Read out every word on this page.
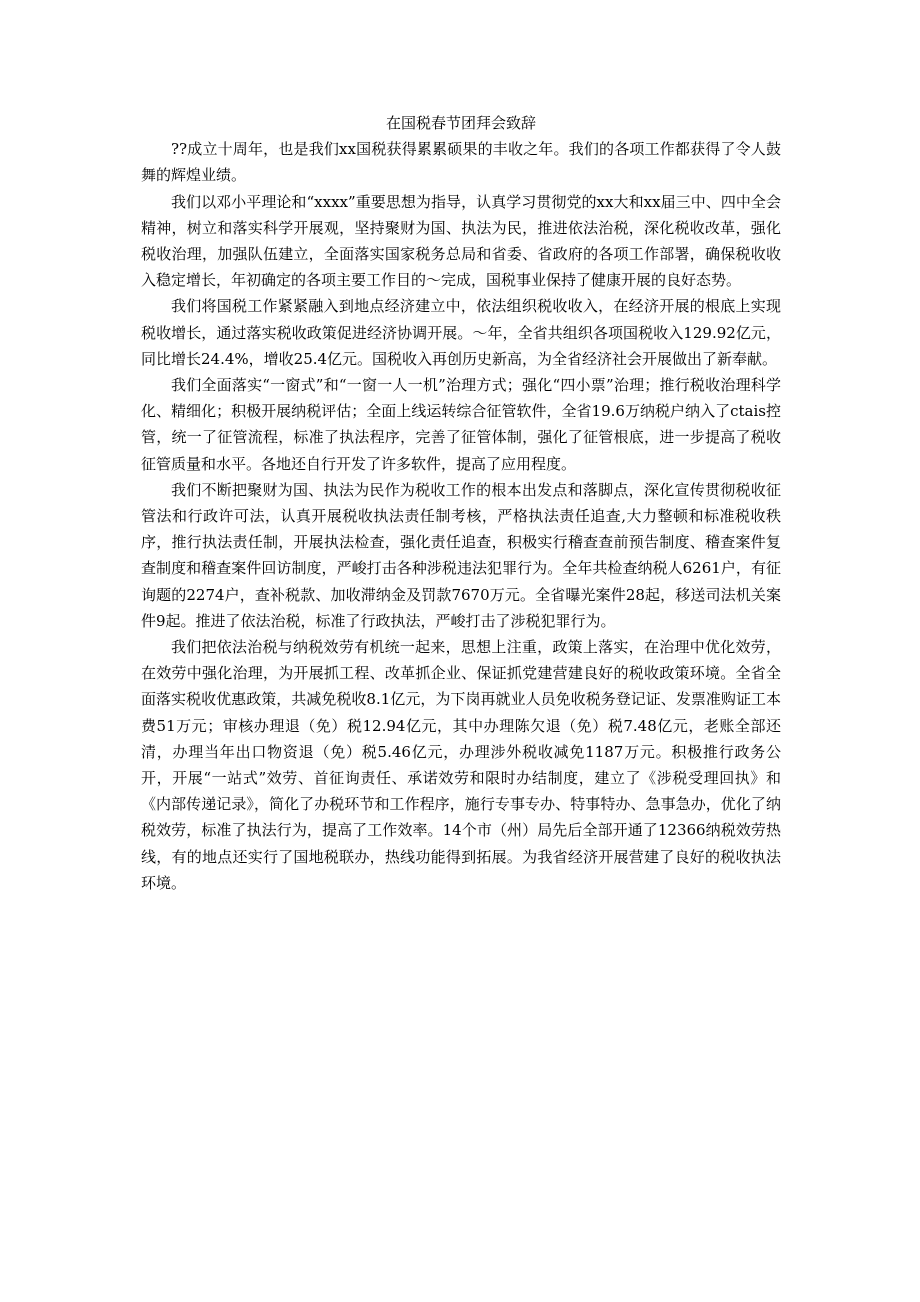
在国税春节团拜会致辞

??成立十周年，也是我们xx国税获得累累硕果的丰收之年。我们的各项工作都获得了令人鼓舞的辉煌业绩。

我们以邓小平理论和“xxxx”重要思想为指导，认真学习贯彻党的xx大和xx届三中、四中全会精神，树立和落实科学开展观，坚持聚财为国、执法为民，推进依法治税，深化税收改革，强化税收治理，加强队伍建立，全面落实国家税务总局和省委、省政府的各项工作部署，确保税收收入稳定增长，年初确定的各项主要工作目的～完成，国税事业保持了健康开展的良好态势。

我们将国税工作紧紧融入到地点经济建立中，依法组织税收收入，在经济开展的根底上实现税收增长，通过落实税收政策促进经济协调开展。～年，全省共组织各项国税收入129.92亿元，同比增长24.4%，增收25.4亿元。国税收入再创历史新高，为全省经济社会开展做出了新奉献。

我们全面落实“一窗式”和“一窗一人一机”治理方式；强化“四小票”治理；推行税收治理科学化、精细化；积极开展纳税评估；全面上线运转综合征管软件，全省19.6万纳税户纳入了ctais控管，统一了征管流程，标准了执法程序，完善了征管体制，强化了征管根底，进一步提高了税收征管质量和水平。各地还自行开发了许多软件，提高了应用程度。

我们不断把聚财为国、执法为民作为税收工作的根本出发点和落脚点，深化宣传贯彻税收征管法和行政许可法，认真开展税收执法责任制考核，严格执法责任追查,大力整顿和标准税收秩序，推行执法责任制，开展执法检查，强化责任追查，积极实行稽查查前预告制度、稽查案件复查制度和稽查案件回访制度，严峻打击各种涉税违法犯罪行为。全年共检查纳税人6261户，有征询题的2274户，查补税款、加收滞纳金及罚款7670万元。全省曝光案件28起，移送司法机关案件9起。推进了依法治税，标准了行政执法，严峻打击了涉税犯罪行为。

我们把依法治税与纳税效劳有机统一起来，思想上注重，政策上落实，在治理中优化效劳，在效劳中强化治理，为开展抓工程、改革抓企业、保证抓党建营建良好的税收政策环境。全省全面落实税收优惠政策，共减免税收8.1亿元，为下岗再就业人员免收税务登记证、发票准购证工本费51万元；审核办理退（免）税12.94亿元，其中办理陈欠退（免）税7.48亿元，老账全部还清，办理当年出口物资退（免）税5.46亿元，办理涉外税收减免1187万元。积极推行政务公开，开展“一站式”效劳、首征询责任、承诺效劳和限时办结制度，建立了《涉税受理回执》和《内部传递记录》，简化了办税环节和工作程序，施行专事专办、特事特办、急事急办，优化了纳税效劳，标准了执法行为，提高了工作效率。14个市（州）局先后全部开通了12366纳税效劳热线，有的地点还实行了国地税联办，热线功能得到拓展。为我省经济开展营建了良好的税收执法环境。
